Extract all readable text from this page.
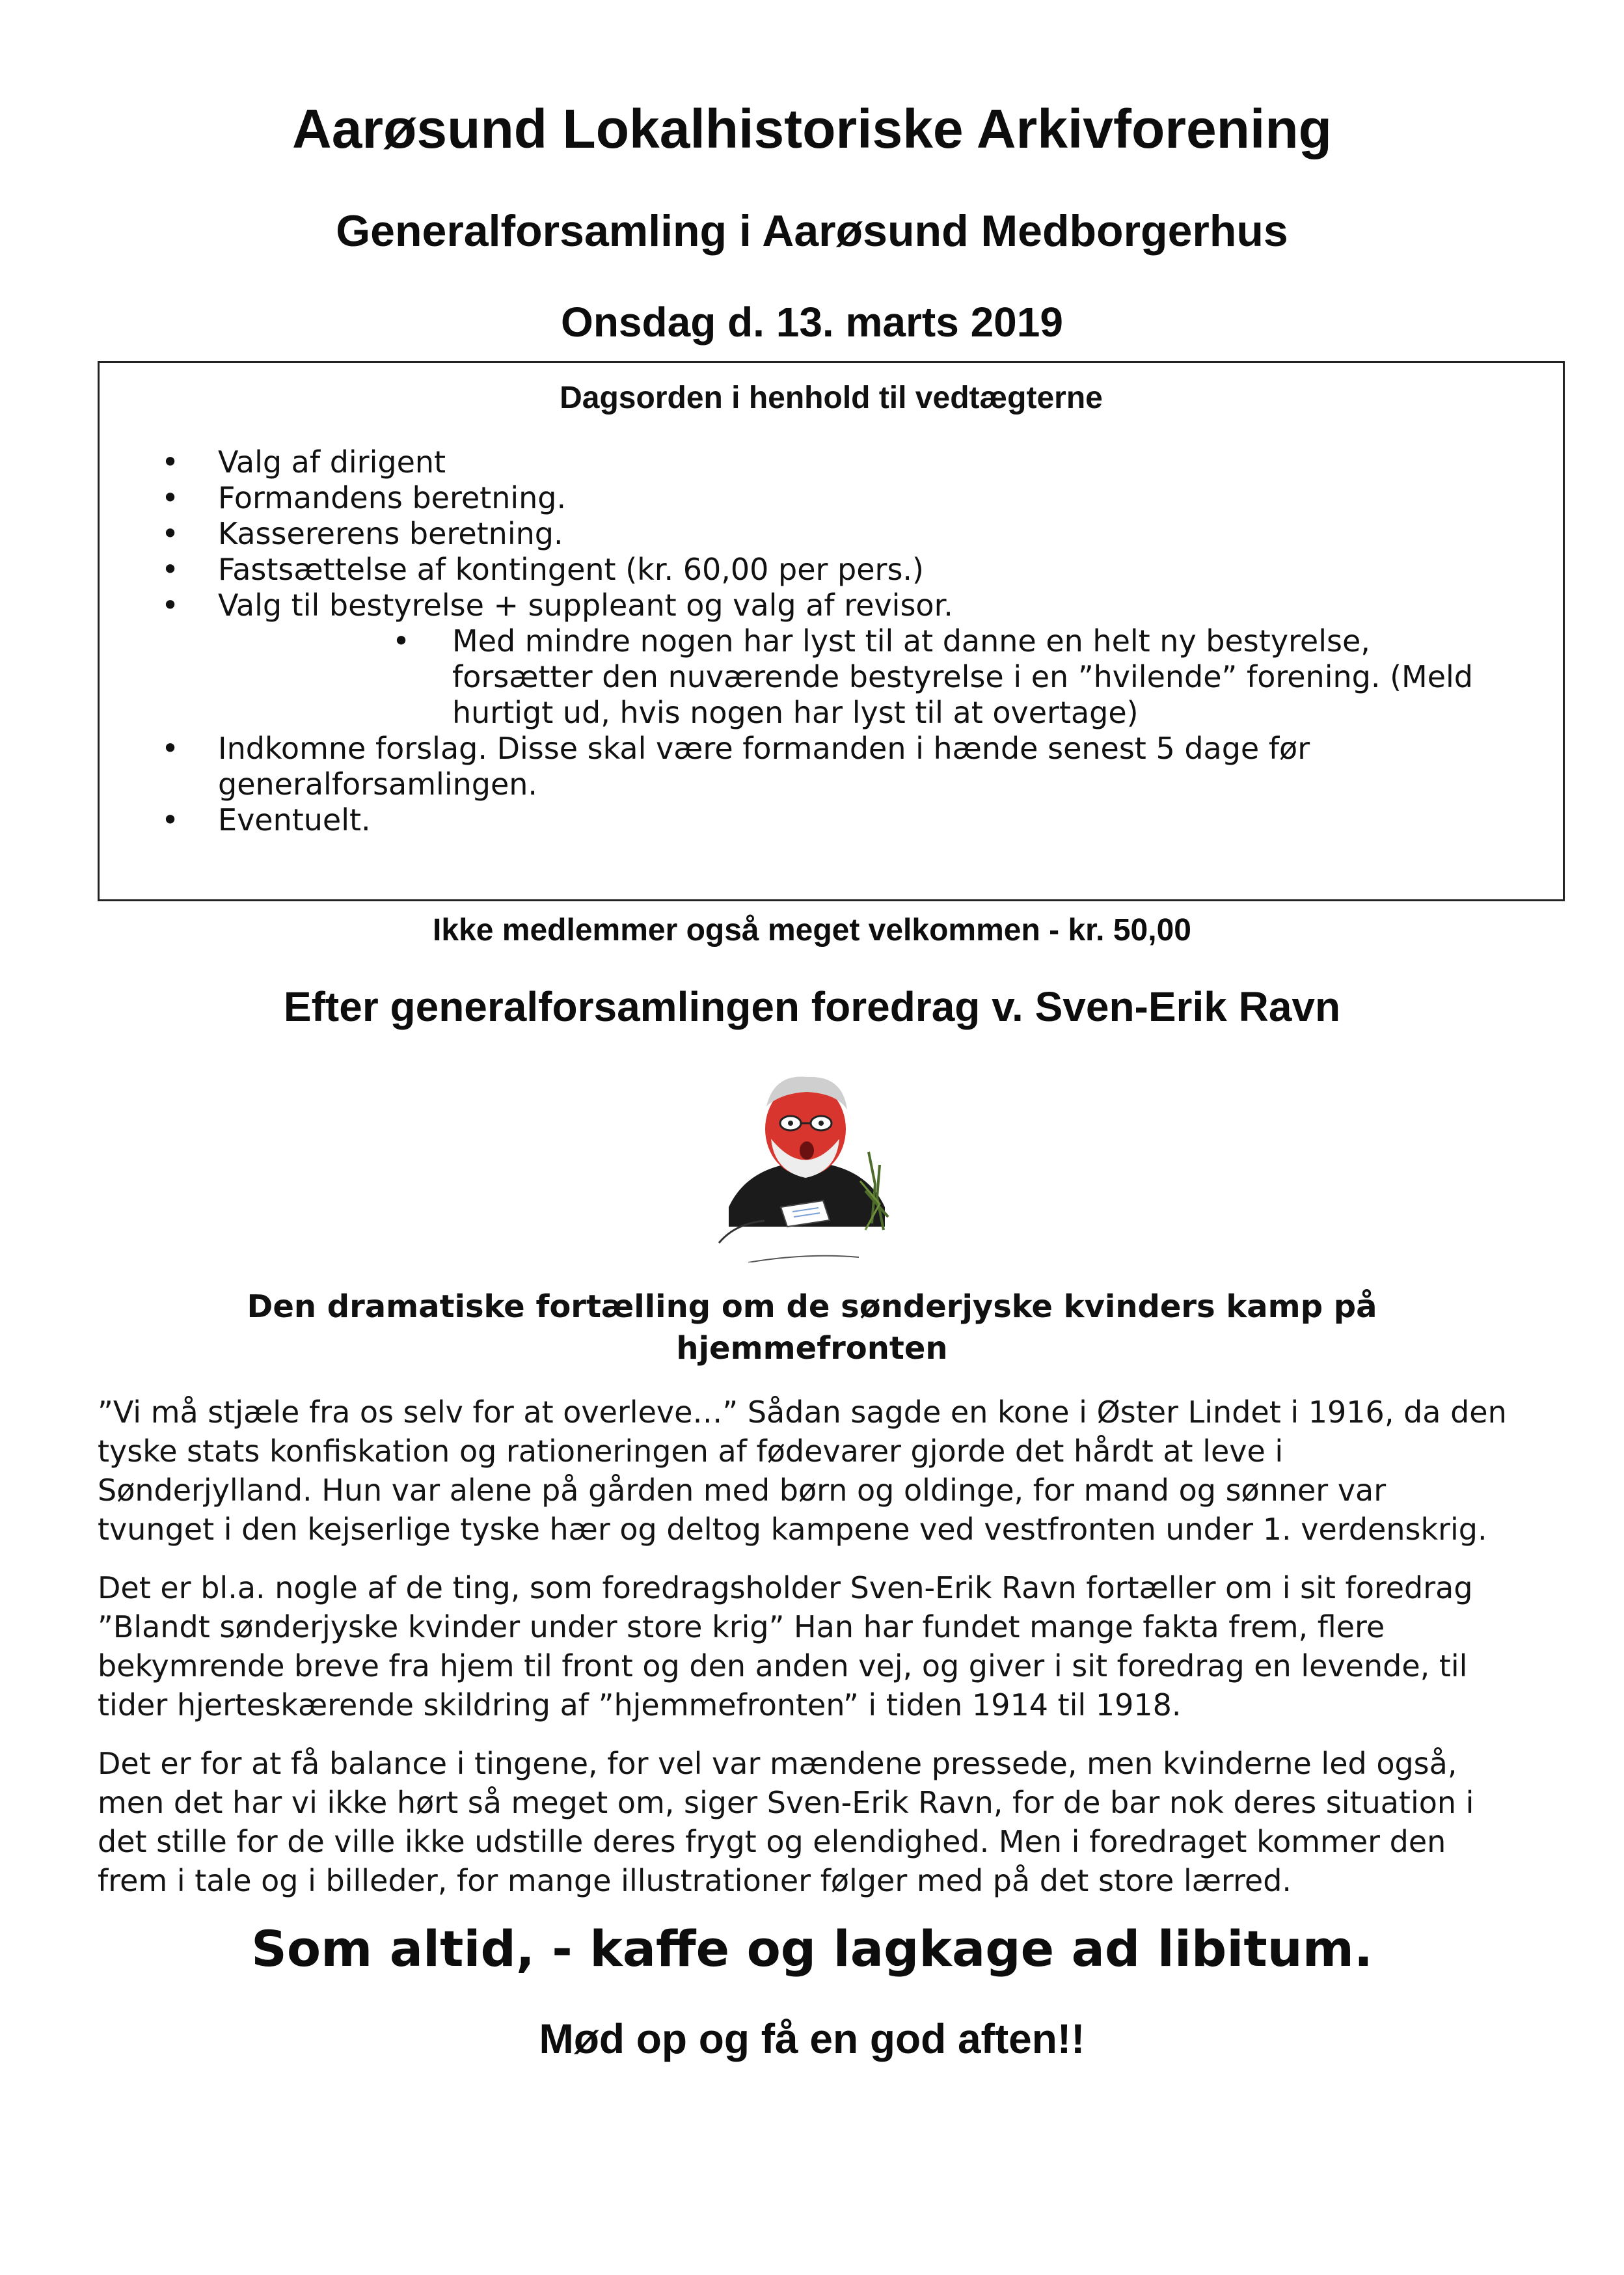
Aarøsund Lokalhistoriske Arkivforening
Generalforsamling i Aarøsund Medborgerhus
Onsdag d. 13. marts 2019
Dagsorden i henhold til vedtægterne
• Valg af dirigent
• Formandens beretning.
• Kassererens beretning.
• Fastsættelse af kontingent (kr. 60,00 per pers.)
• Valg til bestyrelse + suppleant og valg af revisor.
• Med mindre nogen har lyst til at danne en helt ny bestyrelse,
forsætter den nuværende bestyrelse i en ”hvilende” forening. (Meld
hurtigt ud, hvis nogen har lyst til at overtage)
• Indkomne forslag. Disse skal være formanden i hænde senest 5 dage før
generalforsamlingen.
• Eventuelt.
Ikke medlemmer også meget velkommen - kr. 50,00
Efter generalforsamlingen foredrag v. Sven-Erik Ravn
Den dramatiske fortælling om de sønderjyske kvinders kamp på
hjemmefronten
”Vi må stjæle fra os selv for at overleve…” Sådan sagde en kone i Øster Lindet i 1916, da den
tyske stats konfiskation og rationeringen af fødevarer gjorde det hårdt at leve i
Sønderjylland. Hun var alene på gården med børn og oldinge, for mand og sønner var
tvunget i den kejserlige tyske hær og deltog kampene ved vestfronten under 1. verdenskrig.
Det er bl.a. nogle af de ting, som foredragsholder Sven-Erik Ravn fortæller om i sit foredrag
”Blandt sønderjyske kvinder under store krig” Han har fundet mange fakta frem, flere
bekymrende breve fra hjem til front og den anden vej, og giver i sit foredrag en levende, til
tider hjerteskærende skildring af ”hjemmefronten” i tiden 1914 til 1918.
Det er for at få balance i tingene, for vel var mændene pressede, men kvinderne led også,
men det har vi ikke hørt så meget om, siger Sven-Erik Ravn, for de bar nok deres situation i
det stille for de ville ikke udstille deres frygt og elendighed. Men i foredraget kommer den
frem i tale og i billeder, for mange illustrationer følger med på det store lærred.
Som altid, - kaffe og lagkage ad libitum.
Mød op og få en god aften!!
